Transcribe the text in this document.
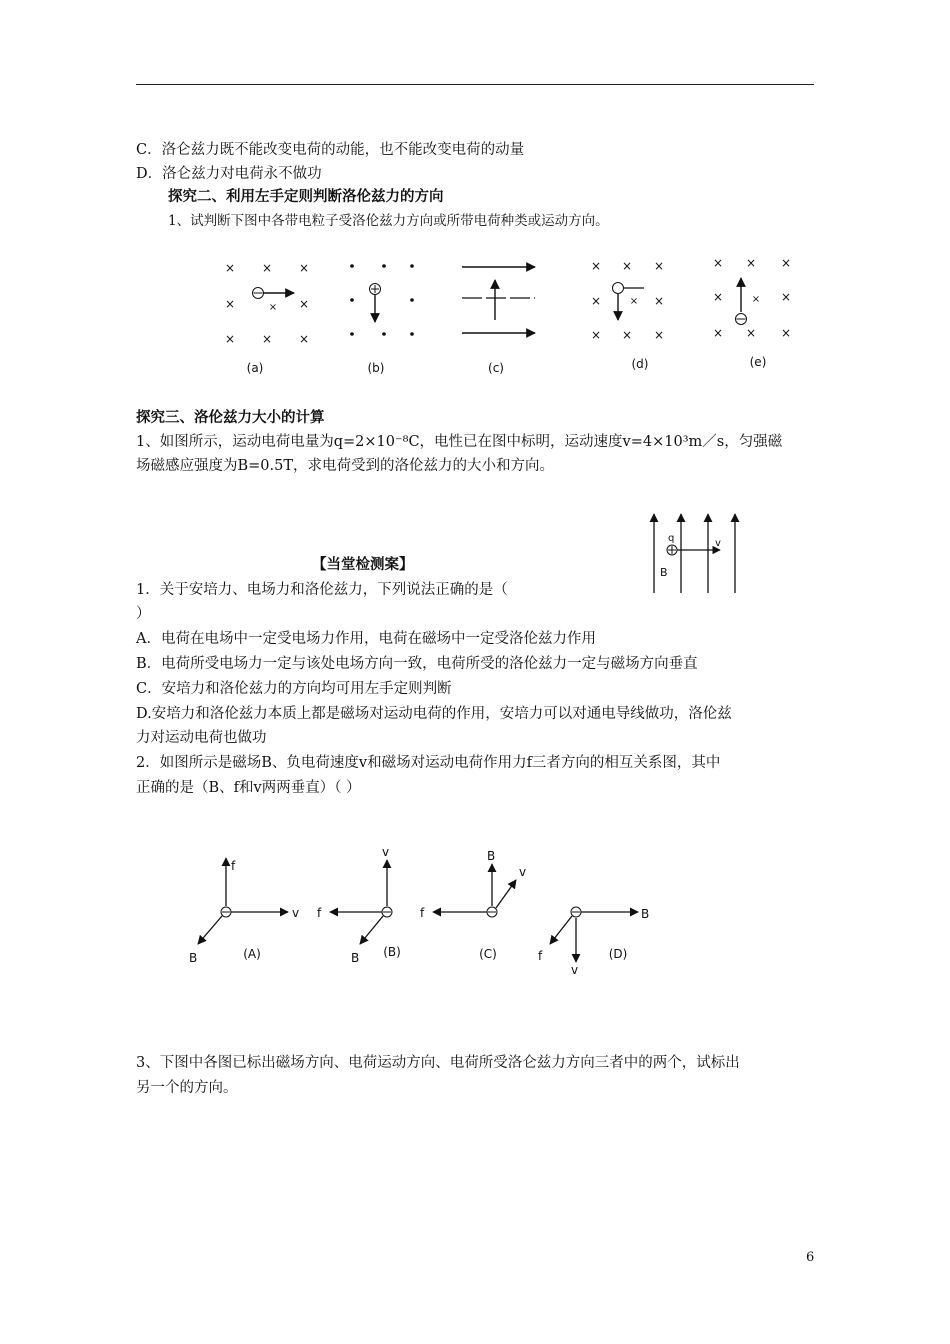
C．洛仑兹力既不能改变电荷的动能，也不能改变电荷的动量
D．洛仑兹力对电荷永不做功
探究二、利用左手定则判断洛伦兹力的方向
1、试判断下图中各带电粒子受洛伦兹力方向或所带电荷种类或运动方向。
× × ×
×	×
× × ×
×
(a)	(b)	(c)
× × ×
×	×
× × ×
×
(d)
× × ×
×	×
× × ×
×
(e)
探究三、洛伦兹力大小的计算
1、如图所示，运动电荷电量为q=2×10⁻⁸C，电性已在图中标明，运动速度v=4×10³m／s，匀强磁
场磁感应强度为B=0.5T，求电荷受到的洛伦兹力的大小和方向。
q	v
B
【当堂检测案】
1．关于安培力、电场力和洛伦兹力，下列说法正确的是（
）
A．电荷在电场中一定受电场力作用，电荷在磁场中一定受洛伦兹力作用
B．电荷所受电场力一定与该处电场方向一致，电荷所受的洛伦兹力一定与磁场方向垂直
C．安培力和洛伦兹力的方向均可用左手定则判断
D.安培力和洛伦兹力本质上都是磁场对运动电荷的作用，安培力可以对通电导线做功，洛伦兹
力对运动电荷也做功
2．如图所示是磁场B、负电荷速度v和磁场对运动电荷作用力f三者方向的相互关系图，其中
正确的是（B、f和v两两垂直）（ ）
f
v
B	(A)
v
f
B (B)
B
f
v
(C)
B
f
v
(D)
3、下图中各图已标出磁场方向、电荷运动方向、电荷所受洛仑兹力方向三者中的两个，试标出
另一个的方向。
6
